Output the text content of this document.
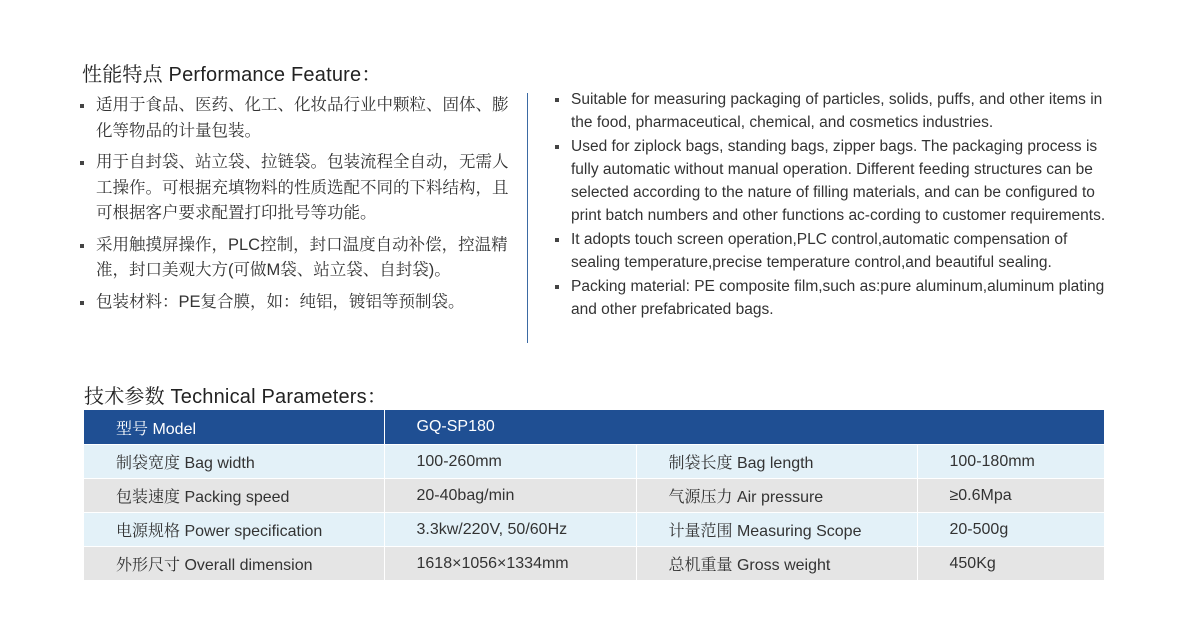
性能特点 Performance Feature：
适用于食品、医药、化工、化妆品行业中颗粒、固体、膨化等物品的计量包装。
用于自封袋、站立袋、拉链袋。包装流程全自动，无需人工操作。可根据充填物料的性质选配不同的下料结构，且可根据客户要求配置打印批号等功能。
采用触摸屏操作，PLC控制，封口温度自动补偿，控温精准，封口美观大方(可做M袋、站立袋、自封袋)。
包装材料：PE复合膜，如：纯铝，镀铝等预制袋。
Suitable for measuring packaging of particles, solids, puffs, and other items in the food, pharmaceutical, chemical, and cosmetics industries.
Used for ziplock bags, standing bags, zipper bags. The packaging process is fully automatic without manual operation. Different feeding structures can be selected according to the nature of filling materials, and can be configured to print batch numbers and other functions ac-cording to customer requirements.
It adopts touch screen operation,PLC control,automatic compensation of sealing temperature,precise temperature control,and beautiful sealing.
Packing material: PE composite film,such as:pure aluminum,aluminum plating and other prefabricated bags.
技术参数 Technical Parameters：
型号 Model	GQ-SP180		
制袋宽度 Bag width	100-260mm	制袋长度 Bag length	100-180mm
包装速度 Packing speed	20-40bag/min	气源压力 Air pressure	≥0.6Mpa
电源规格 Power specification	3.3kw/220V, 50/60Hz	计量范围 Measuring Scope	20-500g
外形尺寸 Overall dimension	1618×1056×1334mm	总机重量 Gross weight	450Kg
